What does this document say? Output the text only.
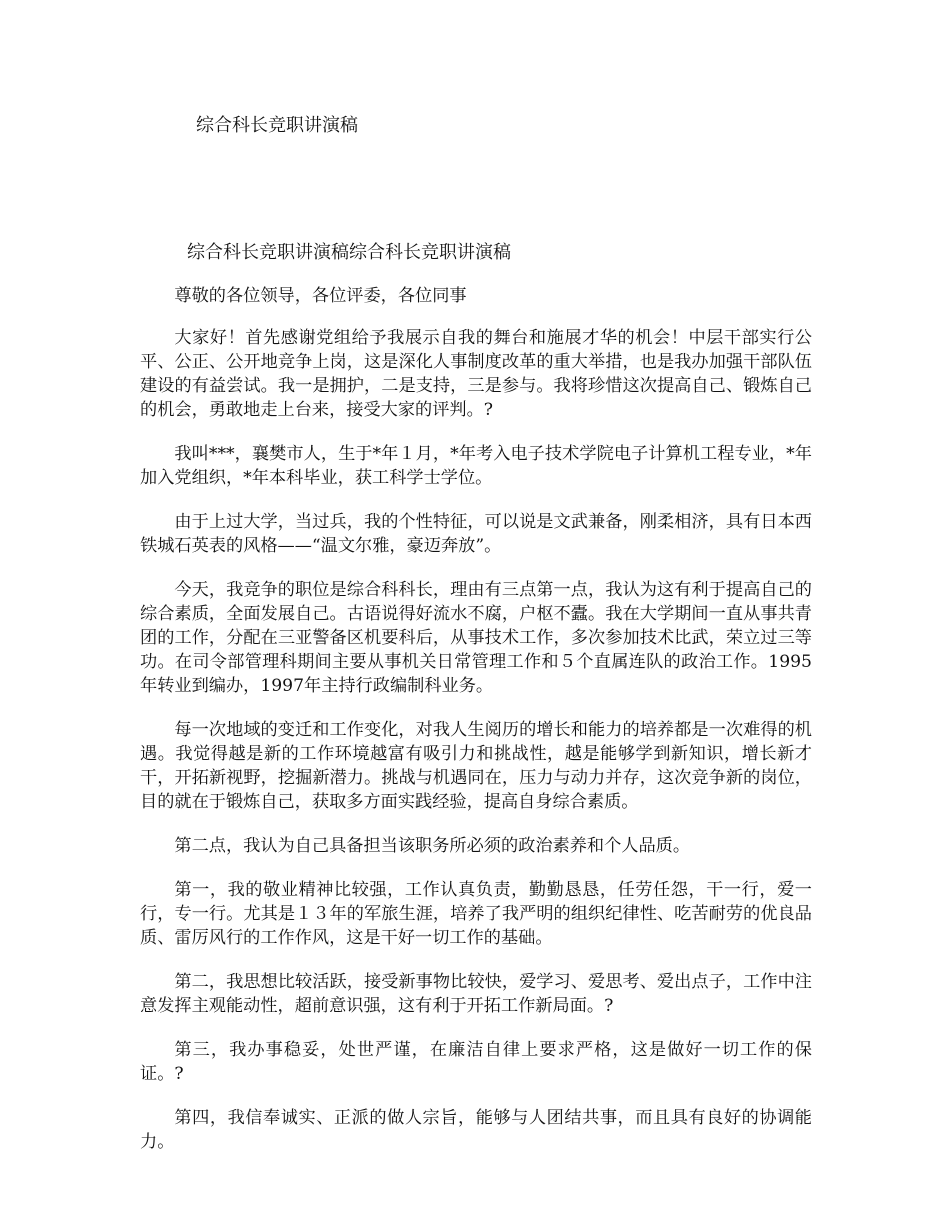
综合科长竞职讲演稿
综合科长竞职讲演稿综合科长竞职讲演稿

尊敬的各位领导，各位评委，各位同事

大家好！首先感谢党组给予我展示自我的舞台和施展才华的机会！中层干部实行公平、公正、公开地竞争上岗，这是深化人事制度改革的重大举措，也是我办加强干部队伍建设的有益尝试。我一是拥护，二是支持，三是参与。我将珍惜这次提高自己、锻炼自己的机会，勇敢地走上台来，接受大家的评判。?

我叫***，襄樊市人，生于*年１月，*年考入电子技术学院电子计算机工程专业，*年加入党组织，*年本科毕业，获工科学士学位。

由于上过大学，当过兵，我的个性特征，可以说是文武兼备，刚柔相济，具有日本西铁城石英表的风格——“温文尔雅，豪迈奔放”。

今天，我竞争的职位是综合科科长，理由有三点第一点，我认为这有利于提高自己的综合素质，全面发展自己。古语说得好流水不腐，户枢不蠹。我在大学期间一直从事共青团的工作，分配在三亚警备区机要科后，从事技术工作，多次参加技术比武，荣立过三等功。在司令部管理科期间主要从事机关日常管理工作和５个直属连队的政治工作。1995年转业到编办，1997年主持行政编制科业务。

每一次地域的变迁和工作变化，对我人生阅历的增长和能力的培养都是一次难得的机遇。我觉得越是新的工作环境越富有吸引力和挑战性，越是能够学到新知识，增长新才干，开拓新视野，挖掘新潜力。挑战与机遇同在，压力与动力并存，这次竞争新的岗位，目的就在于锻炼自己，获取多方面实践经验，提高自身综合素质。

第二点，我认为自己具备担当该职务所必须的政治素养和个人品质。

第一，我的敬业精神比较强，工作认真负责，勤勤恳恳，任劳任怨，干一行，爱一行，专一行。尤其是１３年的军旅生涯，培养了我严明的组织纪律性、吃苦耐劳的优良品质、雷厉风行的工作作风，这是干好一切工作的基础。

第二，我思想比较活跃，接受新事物比较快，爱学习、爱思考、爱出点子，工作中注意发挥主观能动性，超前意识强，这有利于开拓工作新局面。?

第三，我办事稳妥，处世严谨，在廉洁自律上要求严格，这是做好一切工作的保证。?

第四，我信奉诚实、正派的做人宗旨，能够与人团结共事，而且具有良好的协调能力。
